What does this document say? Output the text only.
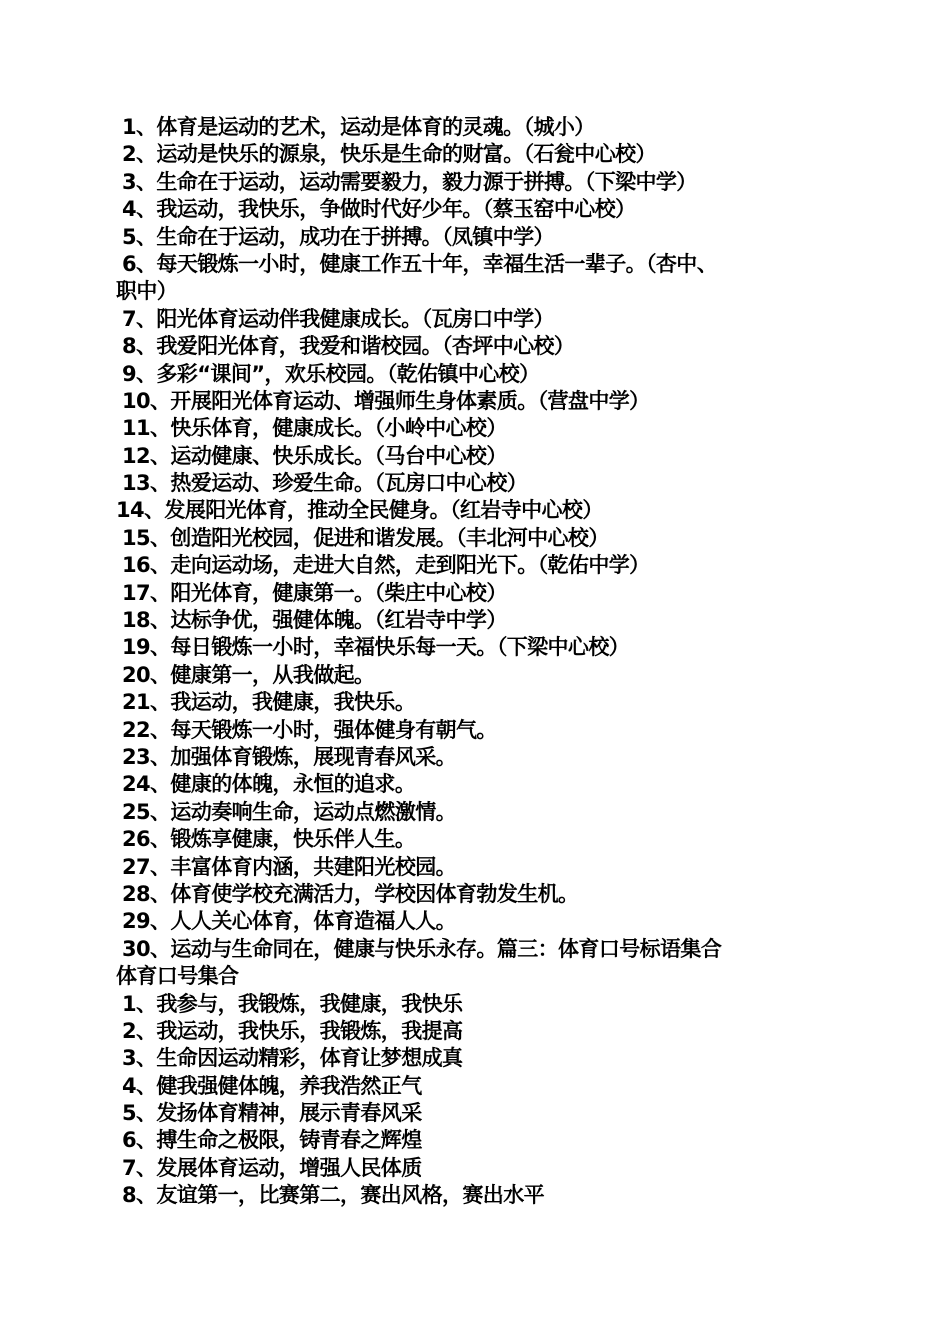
1、体育是运动的艺术，运动是体育的灵魂。（城小）
2、运动是快乐的源泉，快乐是生命的财富。（石瓮中心校）
3、生命在于运动，运动需要毅力，毅力源于拼搏。（下梁中学）
4、我运动，我快乐，争做时代好少年。（蔡玉窑中心校）
5、生命在于运动，成功在于拼搏。（凤镇中学）
6、每天锻炼一小时，健康工作五十年，幸福生活一辈子。（杏中、
职中）
7、阳光体育运动伴我健康成长。（瓦房口中学）
8、我爱阳光体育，我爱和谐校园。（杏坪中心校）
9、多彩“课间”，欢乐校园。（乾佑镇中心校）
10、开展阳光体育运动、增强师生身体素质。（营盘中学）
11、快乐体育，健康成长。（小岭中心校）
12、运动健康、快乐成长。（马台中心校）
13、热爱运动、珍爱生命。（瓦房口中心校）
14、发展阳光体育，推动全民健身。（红岩寺中心校）
15、创造阳光校园，促进和谐发展。（丰北河中心校）
16、走向运动场，走进大自然，走到阳光下。（乾佑中学）
17、阳光体育，健康第一。（柴庄中心校）
18、达标争优，强健体魄。（红岩寺中学）
19、每日锻炼一小时，幸福快乐每一天。（下梁中心校）
20、健康第一，从我做起。
21、我运动，我健康，我快乐。
22、每天锻炼一小时，强体健身有朝气。
23、加强体育锻炼，展现青春风采。
24、健康的体魄，永恒的追求。
25、运动奏响生命，运动点燃激情。
26、锻炼享健康，快乐伴人生。
27、丰富体育内涵，共建阳光校园。
28、体育使学校充满活力，学校因体育勃发生机。
29、人人关心体育，体育造福人人。
30、运动与生命同在，健康与快乐永存。篇三：体育口号标语集合
体育口号集合
1、我参与，我锻炼，我健康，我快乐
2、我运动，我快乐，我锻炼，我提高
3、生命因运动精彩，体育让梦想成真
4、健我强健体魄，养我浩然正气
5、发扬体育精神，展示青春风采
6、搏生命之极限，铸青春之辉煌
7、发展体育运动，增强人民体质
8、友谊第一，比赛第二，赛出风格，赛出水平
